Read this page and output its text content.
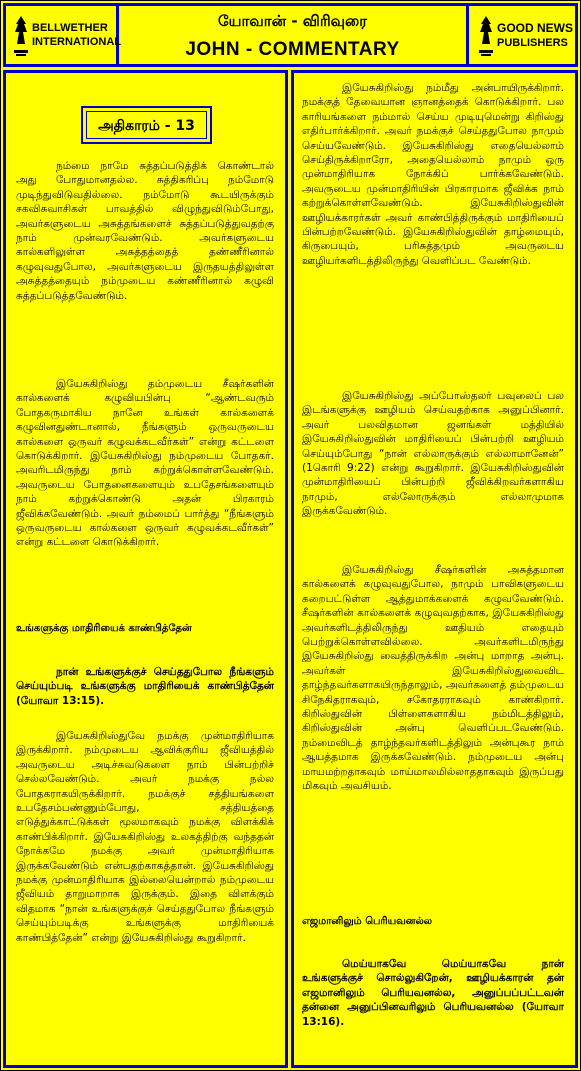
BELLWETHER
INTERNATIONAL
யோவான் - விரிவுரை
JOHN - COMMENTARY
GOOD NEWS
PUBLISHERS
அதிகாரம் - 13

நம்மை நாமே சுத்தப்படுத்திக் கொண்டால் அது போதுமானதல்ல. சுத்திகரிப்பு நம்மோடு முடிந்துவிடுவதில்லை. நம்மோடு கூடயிருக்கும் சகவிசுவாசிகள் பாவத்தில் விழுந்துவிடும்போது, அவர்களுடைய அசுத்தங்களைச் சுத்தப்படுத்துவதற்கு நாம் முன்வரவேண்டும். அவர்களுடைய கால்களிலுள்ள அசுத்தத்தைத் தண்ணீரினால் கழுவுவதுபோல, அவர்களுடைய இருதயத்திலுள்ள அசுத்தத்தையும் நம்முடைய கண்ணீரினால் கழுவி சுத்தப்படுத்தவேண்டும்.

இயேசுகிறிஸ்து தம்முடைய சீஷர்களின் கால்களைக் கழுவியபின்பு “ஆண்டவரும் போதகருமாகிய நானே உங்கள் கால்களைக் கழுவினதுண்டானால், நீங்களும் ஒருவருடைய கால்களை ஒருவர் கழுவக்கடவீர்கள்” என்று கட்டளை கொடுக்கிறார். இயேசுகிறிஸ்து நம்முடைய போதகர். அவரிடமிருந்து நாம் கற்றுக்கொள்ளவேண்டும். அவருடைய போதனைகளையும் உபதேசங்களையும் நாம் கற்றுக்கொண்டு அதன் பிரகாரம் ஜீவிக்கவேண்டும். அவர் நம்மைப் பார்த்து “நீங்களும் ஒருவருடைய கால்களை ஒருவர் கழுவக்கடவீர்கள்” என்று கட்டளை கொடுக்கிறார்.

உங்களுக்கு மாதிரியைக் காண்பித்தேன்

நான் உங்களுக்குச் செய்ததுபோல நீங்களும் செய்யும்படி உங்களுக்கு மாதிரியைக் காண்பித்தேன் (யோவா 13:15).

இயேசுகிறிஸ்துவே நமக்கு முன்மாதிரியாக இருக்கிறார். நம்முடைய ஆவிக்குரிய ஜீவியத்தில் அவருடைய அடிச்சுவடுகளை நாம் பின்பற்றிச் செல்லவேண்டும். அவர் நமக்கு நல்ல போதகராகயிருக்கிறார். நமக்குச் சத்தியங்களை உபதேசம்பண்ணும்போது, சத்தியத்தை எடுத்துக்காட்டுக்கள் மூலமாகவும் நமக்கு விளக்கிக் காண்பிக்கிறார். இயேசுகிறிஸ்து உலகத்திற்கு வந்ததன் நோக்கமே நமக்கு அவர் முன்மாதிரியாக இருக்கவேண்டும் என்பதற்காகத்தான். இயேசுகிறிஸ்து நமக்கு முன்மாதிரியாக இல்லையென்றால் நம்முடைய ஜீவியம் தாறுமாறாக இருக்கும். இதை விளக்கும் விதமாக “நான் உங்களுக்குச் செய்ததுபோல நீங்களும் செய்யும்படிக்கு உங்களுக்கு மாதிரியைக் காண்பித்தேன்” என்று இயேசுகிறிஸ்து கூறுகிறார்.

இயேசுகிறிஸ்து நம்மீது அன்பாயிருக்கிறார். நமக்குத் தேவையான ஞானத்தைக் கொடுக்கிறார். பல காரியங்களை நம்மால் செய்ய முடியுமென்று கிறிஸ்து எதிர்பார்க்கிறார். அவர் நமக்குச் செய்ததுபோல நாமும் செய்யவேண்டும். இயேசுகிறிஸ்து எதையெல்லாம் செய்திருக்கிறாரோ, அதையெல்லாம் நாமும் ஒரு முன்மாதிரியாக நோக்கிப் பார்க்கவேண்டும். அவருடைய முன்மாதிரியின் பிரகாரமாக ஜீவிக்க நாம் கற்றுக்கொள்ளவேண்டும். இயேசுகிறிஸ்துவின் ஊழியக்காரர்கள் அவர் காண்பித்திருக்கும் மாதிரியைப் பின்பற்றவேண்டும். இயேசுகிறிஸ்துவின் தாழ்மையும், கிருபையும், பரிசுத்தமும் அவருடைய ஊழியர்களிடத்திலிருந்து வெளிப்பட வேண்டும்.

இயேசுகிறிஸ்து அப்போஸ்தலர் பவுலைப் பல இடங்களுக்கு ஊழியம் செய்வதற்காக அனுப்பினார். அவர் பலவிதமான ஜனங்கள் மத்தியில் இயேசுகிறிஸ்துவின் மாதிரியைப் பின்பற்றி ஊழியம் செய்யும்போது “நான் எல்லாருக்கும் எல்லாமானேன்” (1கொரி 9:22) என்று கூறுகிறார். இயேசுகிறிஸ்துவின் முன்மாதிரியைப் பின்பற்றி ஜீவிக்கிறவர்களாகிய நாமும், எல்லோருக்கும் எல்லாமுமாக இருக்கவேண்டும்.

இயேசுகிறிஸ்து சீஷர்களின் அசுத்தமான கால்களைக் கழுவுவதுபோல, நாமும் பாவிகளுடைய கறைபட்டுள்ள ஆத்துமாக்களைக் கழுவவேண்டும். சீஷர்களின் கால்களைக் கழுவுவதற்காக, இயேசுகிறிஸ்து அவர்களிடத்திலிருந்து ஊதியம் எதையும் பெற்றுக்கொள்ளவில்லை. அவர்களிடமிருந்து இயேசுகிறிஸ்து வைத்திருக்கிற அன்பு மாறாத அன்பு. அவர்கள் இயேசுகிறிஸ்துவைவிட தாழ்ந்தவர்களாகயிருந்தாலும், அவர்களைத் தம்முடைய சிநேகிதராகவும், சகோதரராகவும் காண்கிறார். கிறிஸ்துவின் பிள்ளைகளாகிய நம்மிடத்திலும், கிறிஸ்துவின் அன்பு வெளிப்படவேண்டும். நம்மைவிடத் தாழ்ந்தவர்களிடத்திலும் அன்புகூர நாம் ஆயத்தமாக இருக்கவேண்டும். நம்முடைய அன்பு மாயமற்றதாகவும் மாய்மாலமில்லாததாகவும் இருப்பது மிகவும் அவசியம்.

எஜமானிலும் பெரியவனல்ல

மெய்யாகவே மெய்யாகவே நான் உங்களுக்குச் சொல்லுகிறேன், ஊழியக்காரன் தன் எஜமானிலும் பெரியவனல்ல, அனுப்பப்பட்டவன் தன்னை அனுப்பினவரிலும் பெரியவனல்ல (யோவா 13:16).
